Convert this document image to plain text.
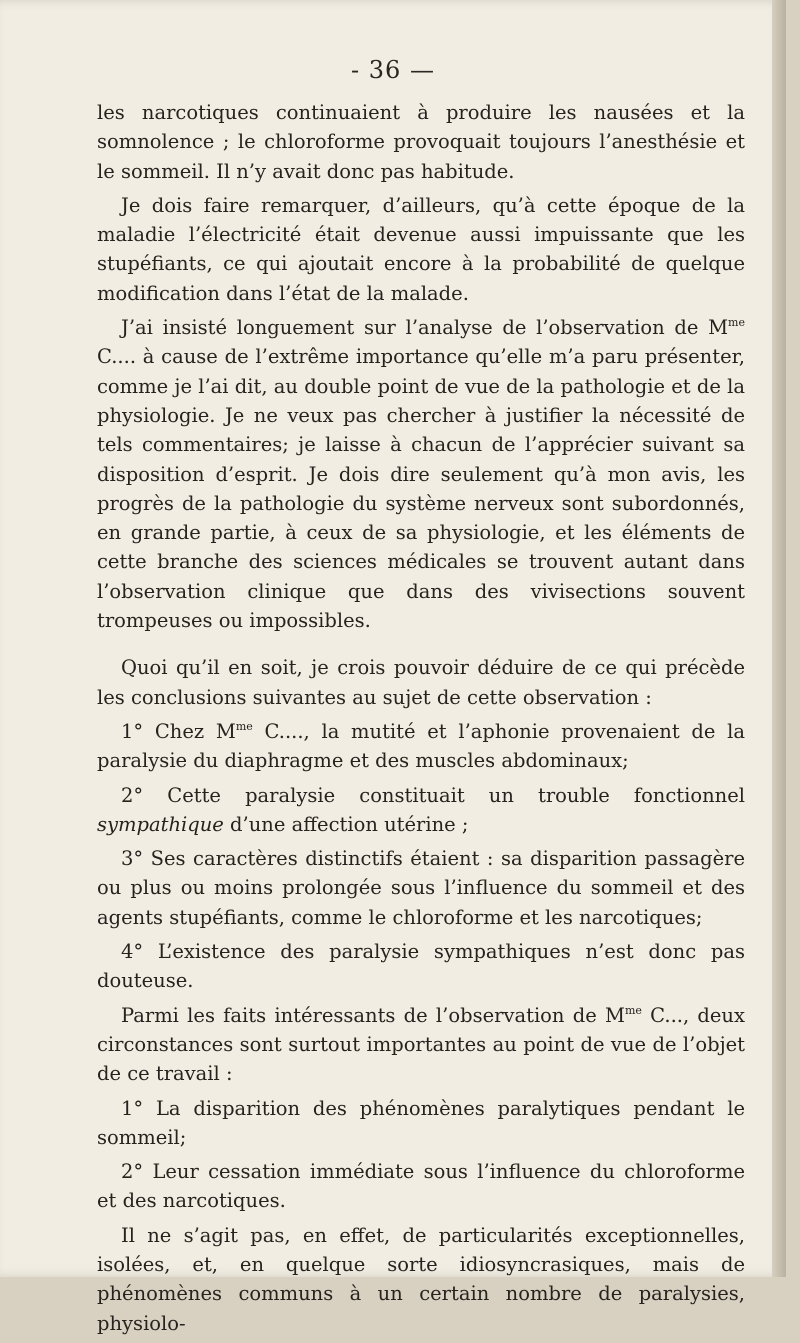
- 36 —

les narcotiques continuaient à produire les nausées et la somnolence ; le chloroforme provoquait toujours l’anesthésie et le sommeil. Il n’y avait donc pas habitude.

Je dois faire remarquer, d’ailleurs, qu’à cette époque de la maladie l’électricité était devenue aussi impuissante que les stupéfiants, ce qui ajoutait encore à la probabilité de quelque modification dans l’état de la malade.

J’ai insisté longuement sur l’analyse de l’observation de $M^{me}$ C.... à cause de l’extrême importance qu’elle m’a paru présenter, comme je l’ai dit, au double point de vue de la pathologie et de la physiologie. Je ne veux pas chercher à justifier la nécessité de tels commentaires; je laisse à chacun de l’apprécier suivant sa disposition d’esprit. Je dois dire seulement qu’à mon avis, les progrès de la pathologie du système nerveux sont subordonnés, en grande partie, à ceux de sa physiologie, et les éléments de cette branche des sciences médicales se trouvent autant dans l’observation clinique que dans des vivisections souvent trompeuses ou impossibles.

Quoi qu’il en soit, je crois pouvoir déduire de ce qui précède les conclusions suivantes au sujet de cette observation :

1° Chez $M^{me}$ C...., la mutité et l’aphonie provenaient de la paralysie du diaphragme et des muscles abdominaux;

2° Cette paralysie constituait un trouble fonctionnel sympathique d’une affection utérine ;

3° Ses caractères distinctifs étaient : sa disparition passagère ou plus ou moins prolongée sous l’influence du sommeil et des agents stupéfiants, comme le chloroforme et les narcotiques;

4° L’existence des paralysie sympathiques n’est donc pas douteuse.

Parmi les faits intéressants de l’observation de $M^{me}$ C..., deux circonstances sont surtout importantes au point de vue de l’objet de ce travail :

1° La disparition des phénomènes paralytiques pendant le sommeil;

2° Leur cessation immédiate sous l’influence du chloroforme et des narcotiques.

Il ne s’agit pas, en effet, de particularités exceptionnelles, isolées, et, en quelque sorte idiosyncrasiques, mais de phénomènes communs à un certain nombre de paralysies, physiolo-
